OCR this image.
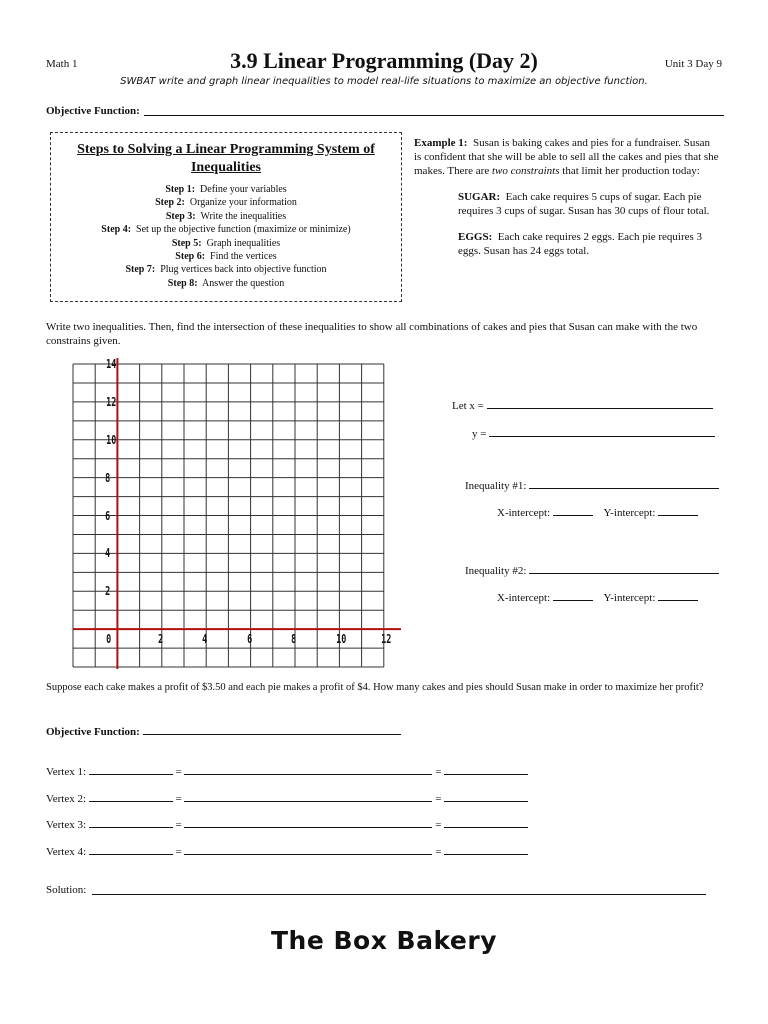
Math 1	3.9 Linear Programming (Day 2)	Unit 3 Day 9
SWBAT write and graph linear inequalities to model real-life situations to maximize an objective function.
Objective Function:
Steps to Solving a Linear Programming System of Inequalities
Step 1: Define your variables
Step 2: Organize your information
Step 3: Write the inequalities
Step 4: Set up the objective function (maximize or minimize)
Step 5: Graph inequalities
Step 6: Find the vertices
Step 7: Plug vertices back into objective function
Step 8: Answer the question
Example 1: Susan is baking cakes and pies for a fundraiser. Susan is confident that she will be able to sell all the cakes and pies that she makes. There are two constraints that limit her production today:
SUGAR: Each cake requires 5 cups of sugar. Each pie requires 3 cups of sugar. Susan has 30 cups of flour total.
EGGS: Each cake requires 2 eggs. Each pie requires 3 eggs. Susan has 24 eggs total.
Write two inequalities. Then, find the intersection of these inequalities to show all combinations of cakes and pies that Susan can make with the two constrains given.
Let x =
y =
Inequality #1:
X-intercept:	Y-intercept:
Inequality #2:
X-intercept:	Y-intercept:
Suppose each cake makes a profit of $3.50 and each pie makes a profit of $4. How many cakes and pies should Susan make in order to maximize her profit?
Objective Function:
Vertex 1:	=	=
Vertex 2:	=	=
Vertex 3:	=	=
Vertex 4:	=	=
Solution:
The Box Bakery
14
12
10
8
6
4
2
0	2	4	6	8	10	12
